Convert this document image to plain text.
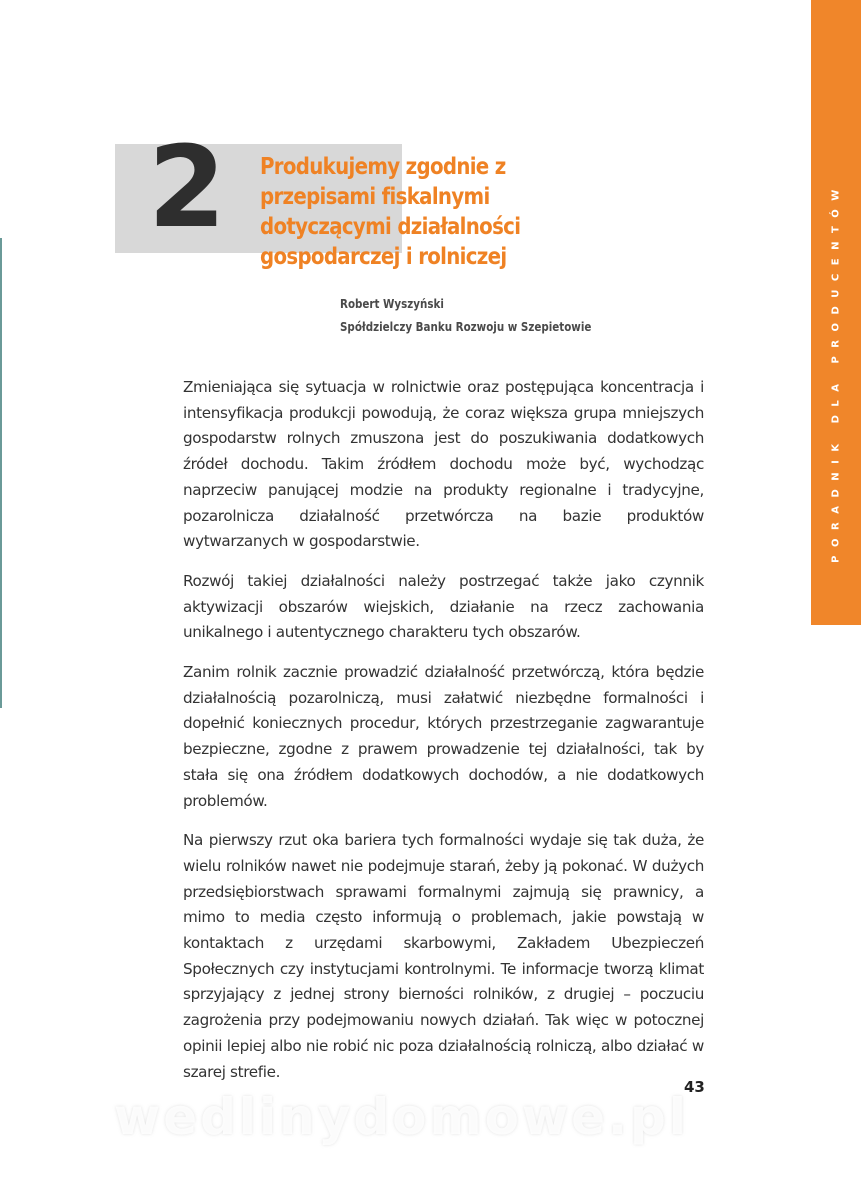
PORADNIK DLA PRODUCENTÓW
2	Produkujemy zgodnie z przepisami fiskalnymi dotyczącymi działalności gospodarczej i rolniczej
Robert Wyszyński
Spółdzielczy Banku Rozwoju w Szepietowie

Zmieniająca się sytuacja w rolnictwie oraz postępująca koncentracja i intensyfikacja produkcji powodują, że coraz większa grupa mniejszych gospodarstw rolnych zmuszona jest do poszukiwania dodatkowych źródeł dochodu. Takim źródłem dochodu może być, wychodząc naprzeciw panującej modzie na produkty regionalne i tradycyjne, pozarolnicza działalność przetwórcza na bazie produktów wytwarzanych w gospodarstwie.

Rozwój takiej działalności należy postrzegać także jako czynnik aktywizacji obszarów wiejskich, działanie na rzecz zachowania unikalnego i autentycznego charakteru tych obszarów.

Zanim rolnik zacznie prowadzić działalność przetwórczą, która będzie działalnością pozarolniczą, musi załatwić niezbędne formalności i dopełnić koniecznych procedur, których przestrzeganie zagwarantuje bezpieczne, zgodne z prawem prowadzenie tej działalności, tak by stała się ona źródłem dodatkowych dochodów, a nie dodatkowych problemów.

Na pierwszy rzut oka bariera tych formalności wydaje się tak duża, że wielu rolników nawet nie podejmuje starań, żeby ją pokonać. W dużych przedsiębiorstwach sprawami formalnymi zajmują się prawnicy, a mimo to media często informują o problemach, jakie powstają w kontaktach z urzędami skarbowymi, Zakładem Ubezpieczeń Społecznych czy instytucjami kontrolnymi. Te informacje tworzą klimat sprzyjający z jednej strony bierności rolników, z drugiej – poczuciu zagrożenia przy podejmowaniu nowych działań. Tak więc w potocznej opinii lepiej albo nie robić nic poza działalnością rolniczą, albo działać w szarej strefie.

43
wedlinydomowe.pl
